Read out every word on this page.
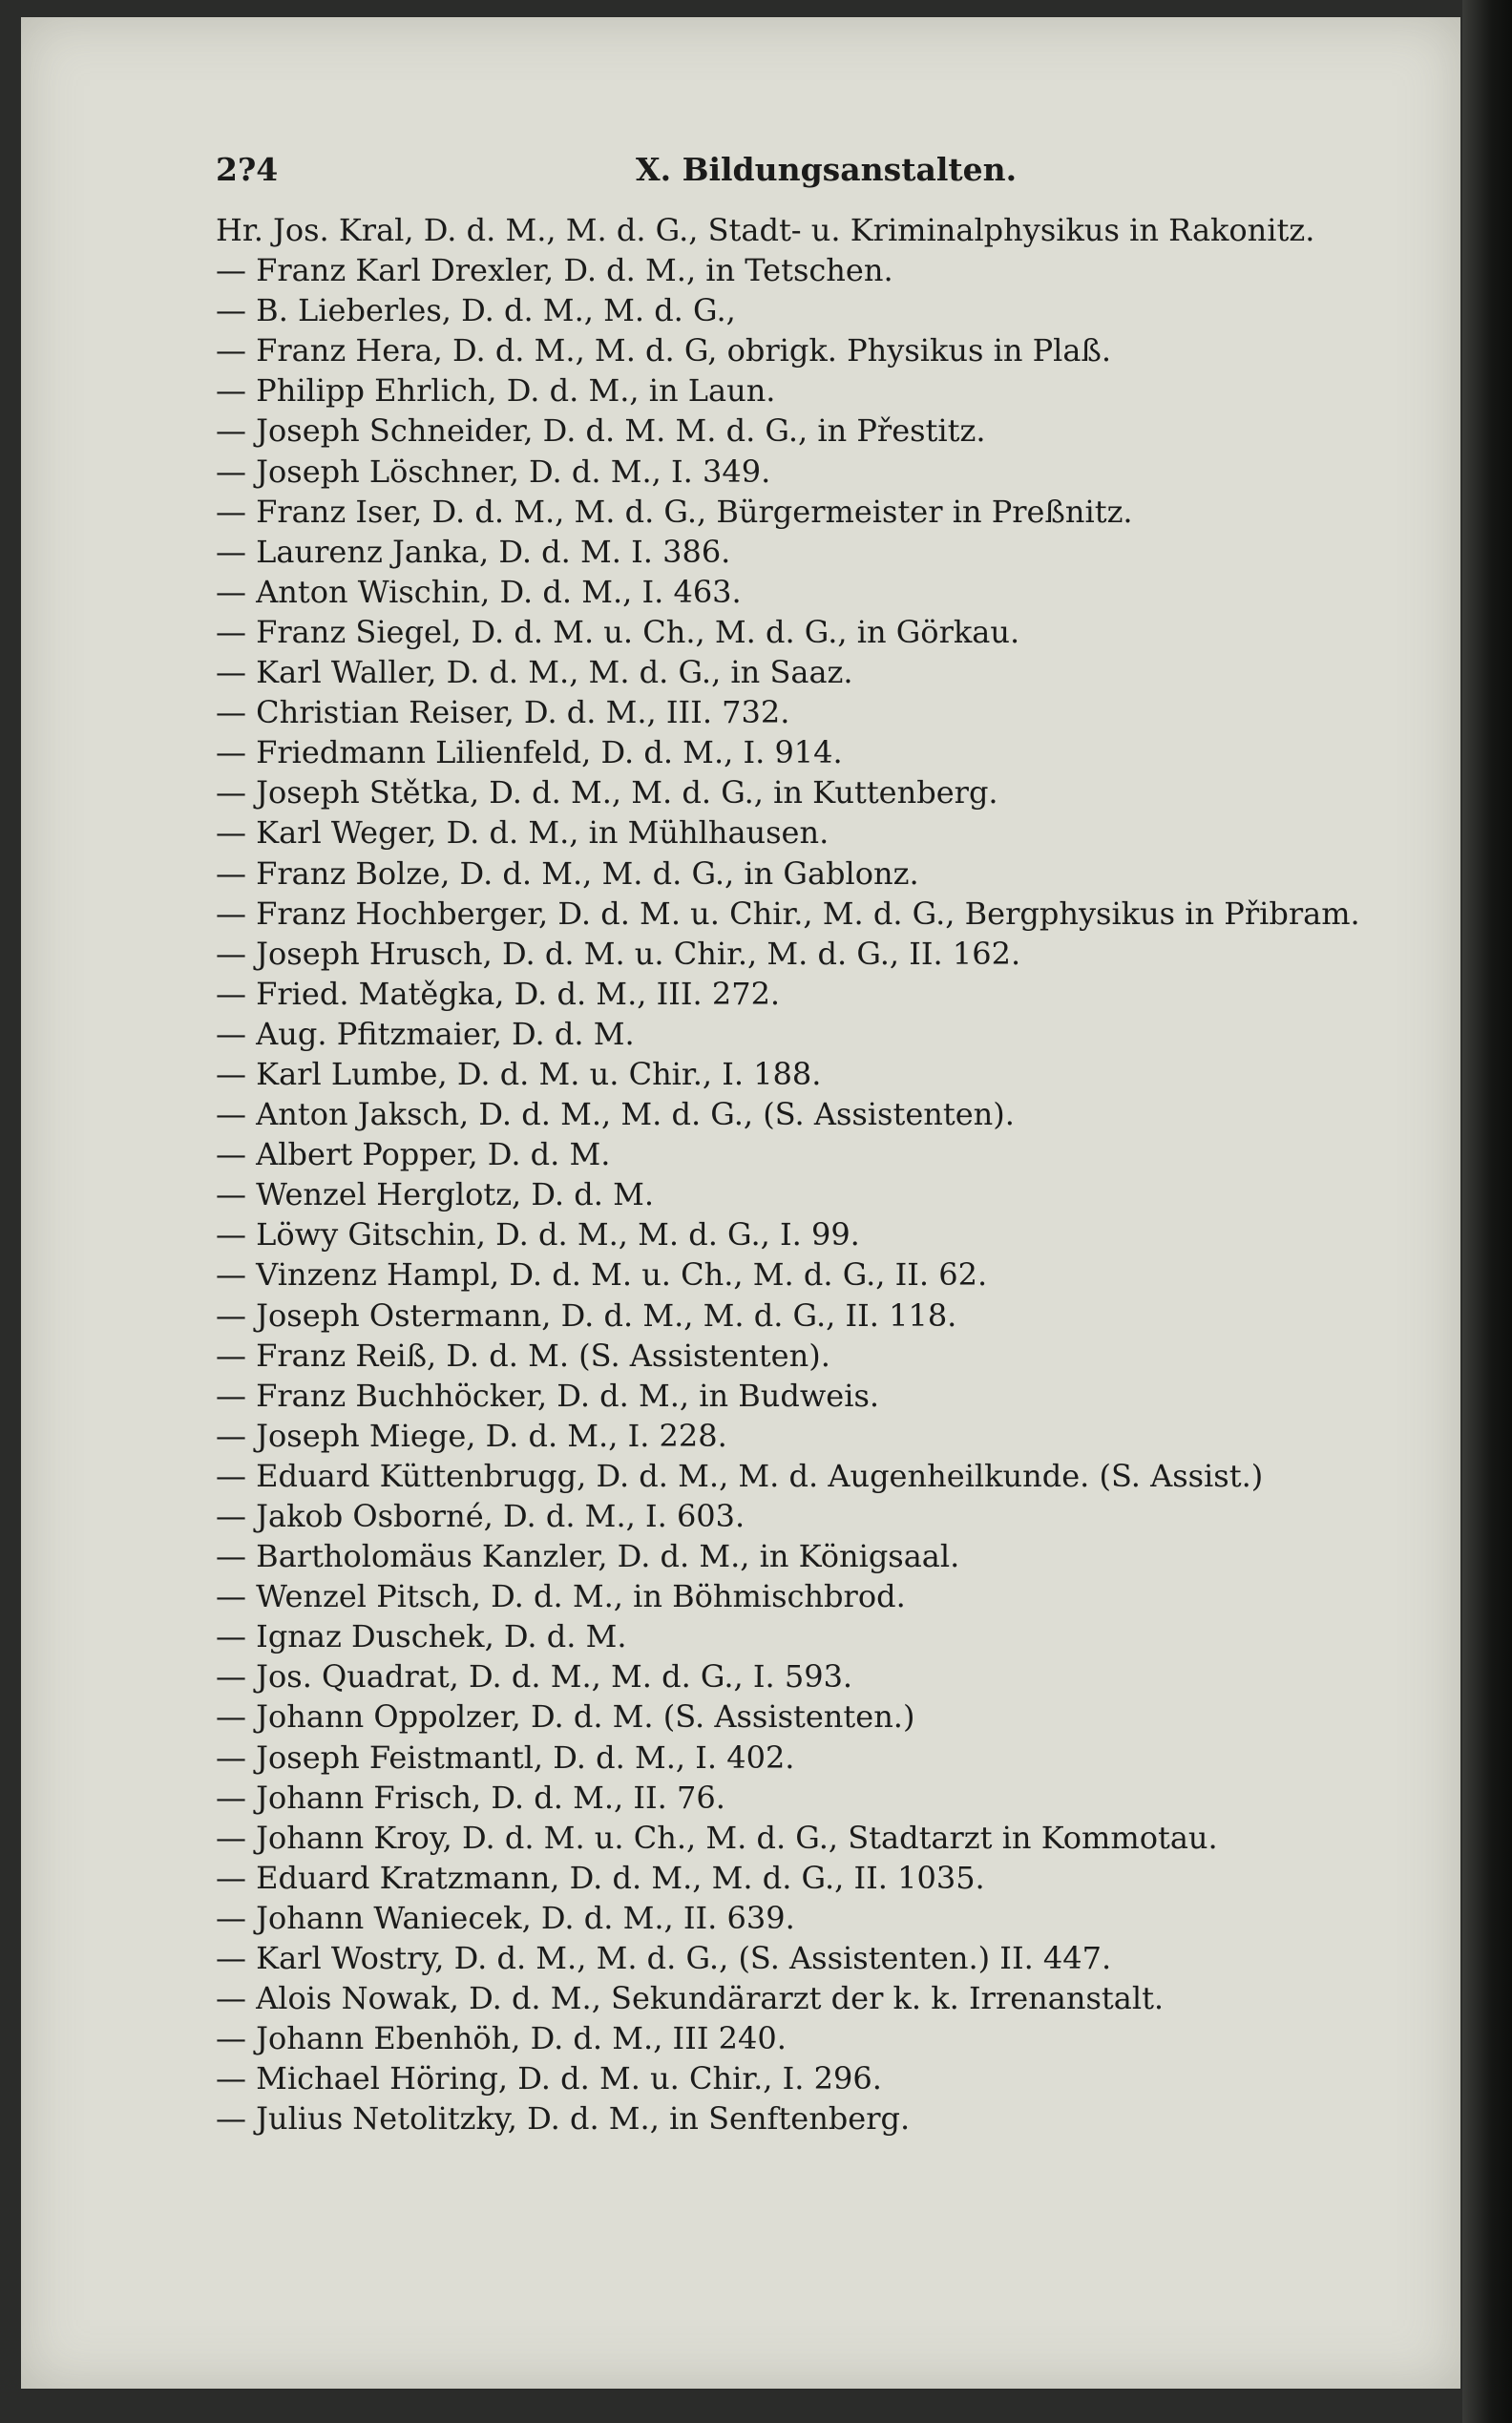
2?4	X. Bildungsanstalten.
Hr. Jos. Kral, D. d. M., M. d. G., Stadt- u. Kriminalphysikus in Rakonitz.
— Franz Karl Drexler, D. d. M., in Tetschen.
— B. Lieberles, D. d. M., M. d. G.,
— Franz Hera, D. d. M., M. d. G, obrigk. Physikus in Plaß.
— Philipp Ehrlich, D. d. M., in Laun.
— Joseph Schneider, D. d. M. M. d. G., in Přestitz.
— Joseph Löschner, D. d. M., I. 349.
— Franz Iser, D. d. M., M. d. G., Bürgermeister in Preßnitz.
— Laurenz Janka, D. d. M. I. 386.
— Anton Wischin, D. d. M., I. 463.
— Franz Siegel, D. d. M. u. Ch., M. d. G., in Görkau.
— Karl Waller, D. d. M., M. d. G., in Saaz.
— Christian Reiser, D. d. M., III. 732.
— Friedmann Lilienfeld, D. d. M., I. 914.
— Joseph Stětka, D. d. M., M. d. G., in Kuttenberg.
— Karl Weger, D. d. M., in Mühlhausen.
— Franz Bolze, D. d. M., M. d. G., in Gablonz.
— Franz Hochberger, D. d. M. u. Chir., M. d. G., Bergphysikus in Přibram.
— Joseph Hrusch, D. d. M. u. Chir., M. d. G., II. 162.
— Fried. Matěgka, D. d. M., III. 272.
— Aug. Pfitzmaier, D. d. M.
— Karl Lumbe, D. d. M. u. Chir., I. 188.
— Anton Jaksch, D. d. M., M. d. G., (S. Assistenten).
— Albert Popper, D. d. M.
— Wenzel Herglotz, D. d. M.
— Löwy Gitschin, D. d. M., M. d. G., I. 99.
— Vinzenz Hampl, D. d. M. u. Ch., M. d. G., II. 62.
— Joseph Ostermann, D. d. M., M. d. G., II. 118.
— Franz Reiß, D. d. M. (S. Assistenten).
— Franz Buchhöcker, D. d. M., in Budweis.
— Joseph Miege, D. d. M., I. 228.
— Eduard Küttenbrugg, D. d. M., M. d. Augenheilkunde. (S. Assist.)
— Jakob Osborné, D. d. M., I. 603.
— Bartholomäus Kanzler, D. d. M., in Königsaal.
— Wenzel Pitsch, D. d. M., in Böhmischbrod.
— Ignaz Duschek, D. d. M.
— Jos. Quadrat, D. d. M., M. d. G., I. 593.
— Johann Oppolzer, D. d. M. (S. Assistenten.)
— Joseph Feistmantl, D. d. M., I. 402.
— Johann Frisch, D. d. M., II. 76.
— Johann Kroy, D. d. M. u. Ch., M. d. G., Stadtarzt in Kommotau.
— Eduard Kratzmann, D. d. M., M. d. G., II. 1035.
— Johann Waniecek, D. d. M., II. 639.
— Karl Wostry, D. d. M., M. d. G., (S. Assistenten.) II. 447.
— Alois Nowak, D. d. M., Sekundärarzt der k. k. Irrenanstalt.
— Johann Ebenhöh, D. d. M., III 240.
— Michael Höring, D. d. M. u. Chir., I. 296.
— Julius Netolitzky, D. d. M., in Senftenberg.
